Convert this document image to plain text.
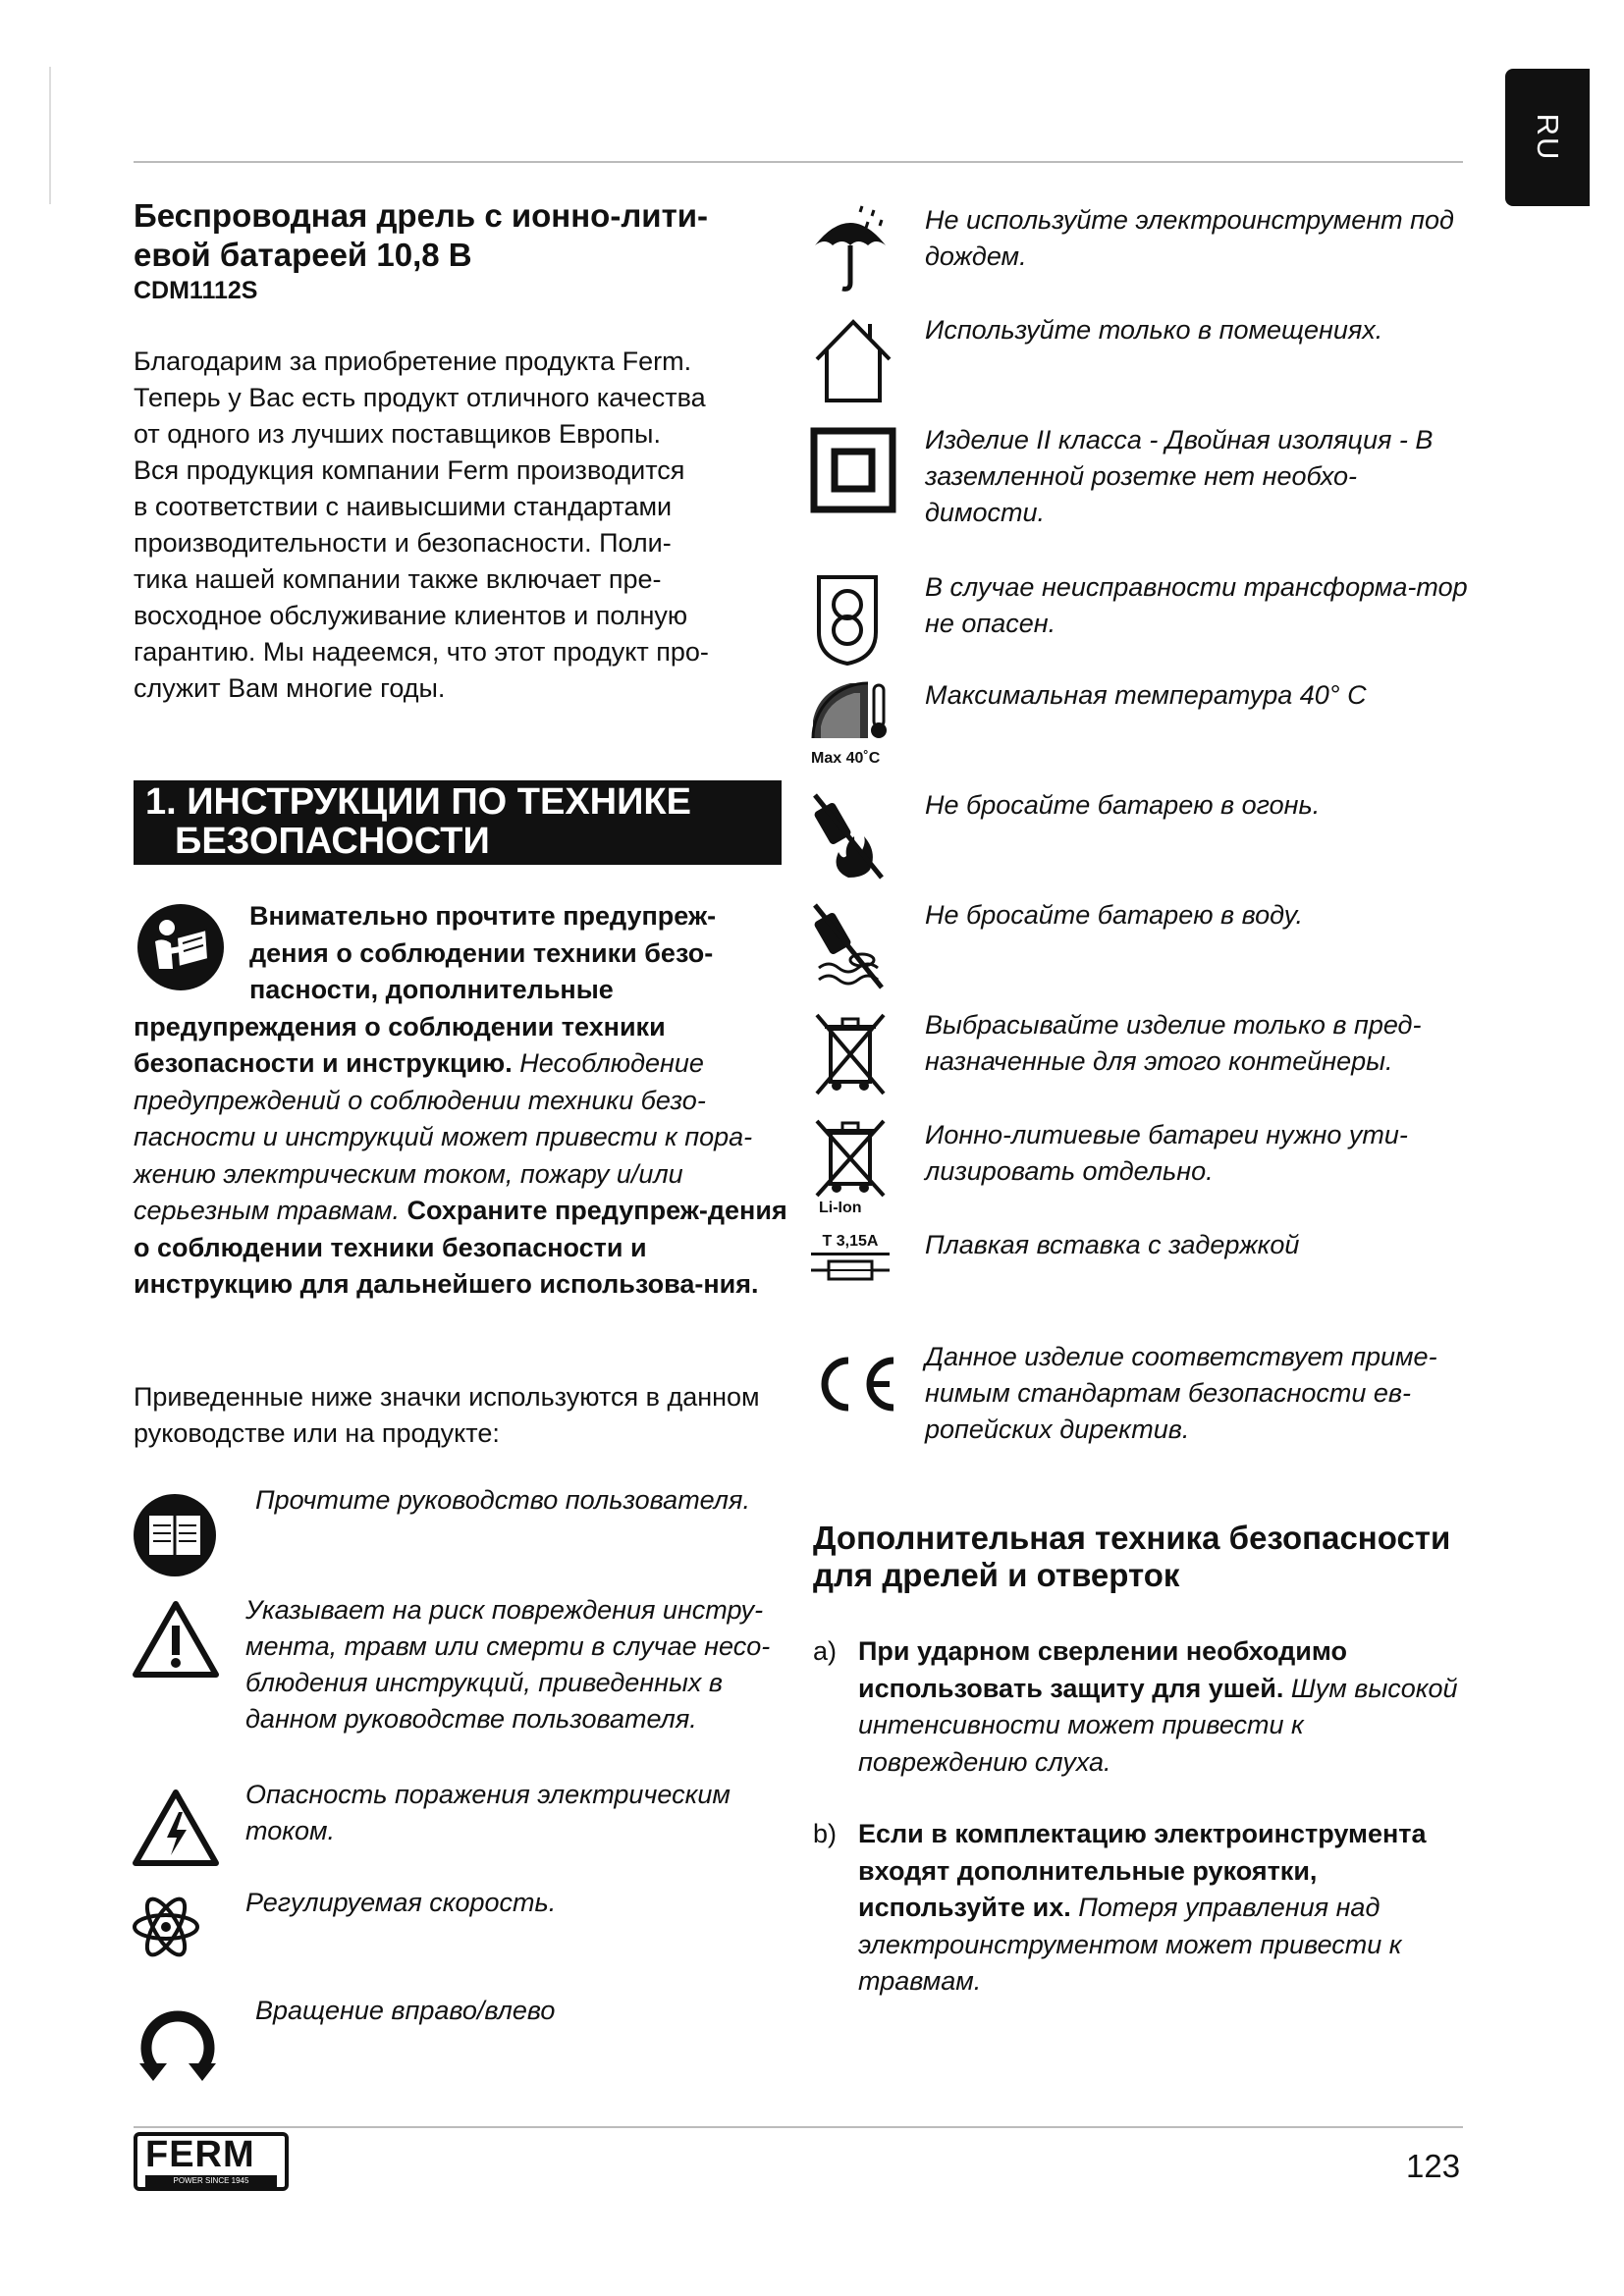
RU
Беспроводная дрель с ионно-лити-
евой батареей 10,8 В
CDM1112S
Благодарим за приобретение продукта Ferm.
Теперь у Вас есть продукт отличного качества
от одного из лучших поставщиков Европы.
Вся продукция компании Ferm производится
в соответствии с наивысшими стандартами
производительности и безопасности. Поли-
тика нашей компании также включает пре-
восходное обслуживание клиентов и полную
гарантию. Мы надеемся, что этот продукт про-
служит Вам многие годы.
1. ИНСТРУКЦИИ ПО ТЕХНИКЕ
БЕЗОПАСНОСТИ
Внимательно прочтите предупреж-дения о соблюдении техники безо-пасности, дополнительные предупреждения о соблюдении техники безопасности и инструкцию. Несоблюдение предупреждений о соблюдении техники безо-пасности и инструкций может привести к пора-жению электрическим током, пожару и/или серьезным травмам. Сохраните предупреж-дения о соблюдении техники безопасности и инструкцию для дальнейшего использова-ния.
Приведенные ниже значки используются в данном руководстве или на продукте:
Прочтите руководство пользователя.
Указывает на риск повреждения инстру-мента, травм или смерти в случае несо-блюдения инструкций, приведенных в данном руководстве пользователя.
Опасность поражения электрическим током.
Регулируемая скорость.
Вращение вправо/влево
Не используйте электроинструмент под дождем.
Используйте только в помещениях.
Изделие II класса - Двойная изоляция - В заземленной розетке нет необхо-димости.
В случае неисправности трансформа-тор не опасен.
Max 40˚C
Максимальная температура 40° C
Не бросайте батарею в огонь.
Не бросайте батарею в воду.
Выбрасывайте изделие только в пред-назначенные для этого контейнеры.
Li-Ion
Ионно-литиевые батареи нужно ути-лизировать отдельно.
T 3,15A	Плавкая вставка с задержкой
Данное изделие соответствует приме-нимым стандартам безопасности ев-ропейских директив.
Дополнительная техника безопасности для дрелей и отверток
a) При ударном сверлении необходимо использовать защиту для ушей. Шум высокой интенсивности может привести к повреждению слуха.
b) Если в комплектацию электроинструмента входят дополнительные рукоятки, используйте их. Потеря управления над электроинструментом может привести к травмам.
FERM
POWER SINCE 1945	123
